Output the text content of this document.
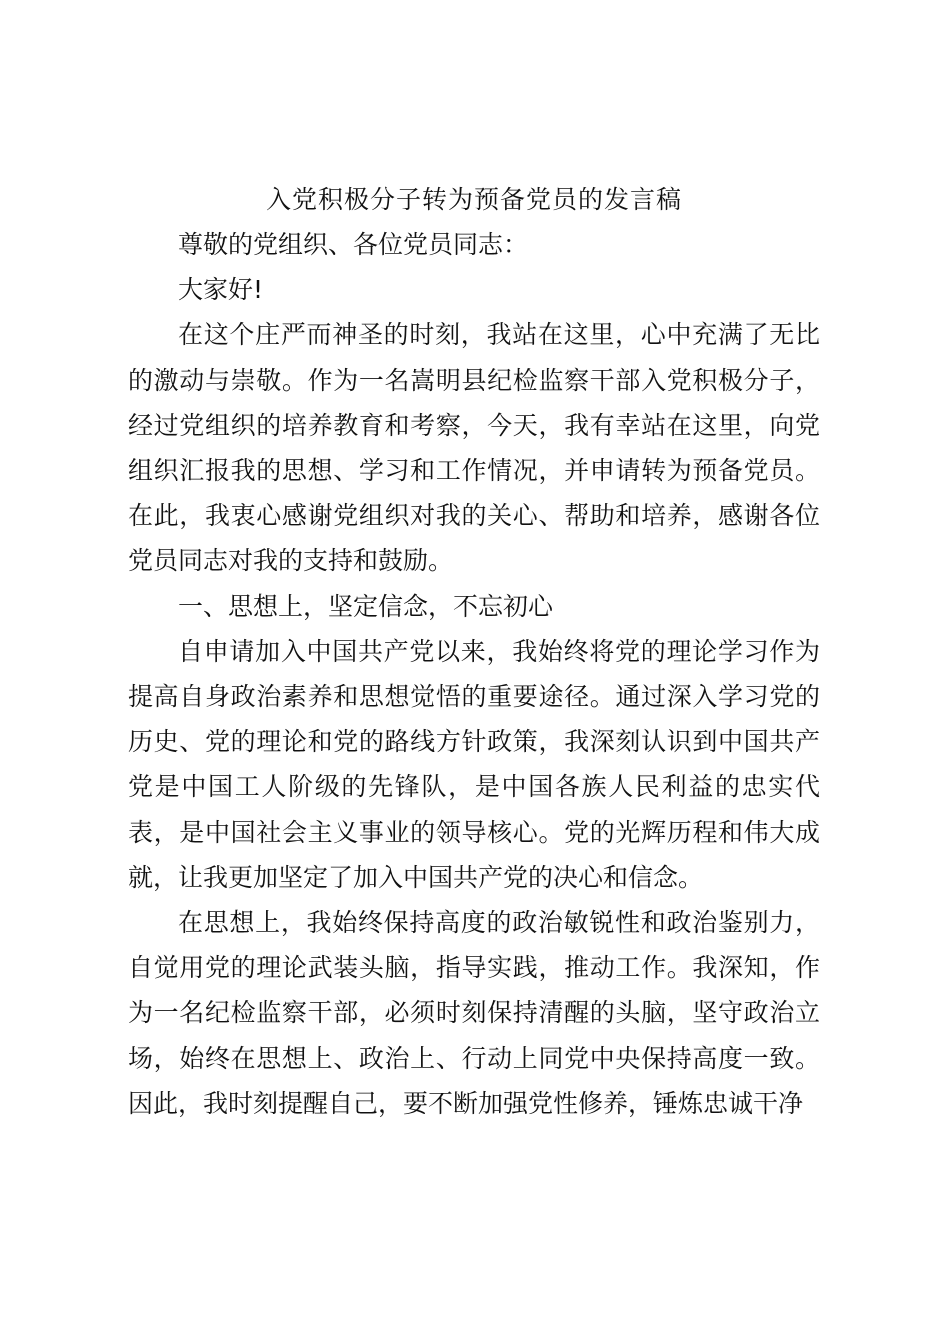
入党积极分子转为预备党员的发言稿

尊敬的党组织、各位党员同志：

大家好!

在这个庄严而神圣的时刻，我站在这里，心中充满了无比的激动与崇敬。作为一名嵩明县纪检监察干部入党积极分子，经过党组织的培养教育和考察，今天，我有幸站在这里，向党组织汇报我的思想、学习和工作情况，并申请转为预备党员。在此，我衷心感谢党组织对我的关心、帮助和培养，感谢各位党员同志对我的支持和鼓励。

一、思想上，坚定信念，不忘初心

自申请加入中国共产党以来，我始终将党的理论学习作为提高自身政治素养和思想觉悟的重要途径。通过深入学习党的历史、党的理论和党的路线方针政策，我深刻认识到中国共产党是中国工人阶级的先锋队，是中国各族人民利益的忠实代表，是中国社会主义事业的领导核心。党的光辉历程和伟大成就，让我更加坚定了加入中国共产党的决心和信念。

在思想上，我始终保持高度的政治敏锐性和政治鉴别力，自觉用党的理论武装头脑，指导实践，推动工作。我深知，作为一名纪检监察干部，必须时刻保持清醒的头脑，坚守政治立场，始终在思想上、政治上、行动上同党中央保持高度一致。因此，我时刻提醒自己，要不断加强党性修养，锤炼忠诚干净
